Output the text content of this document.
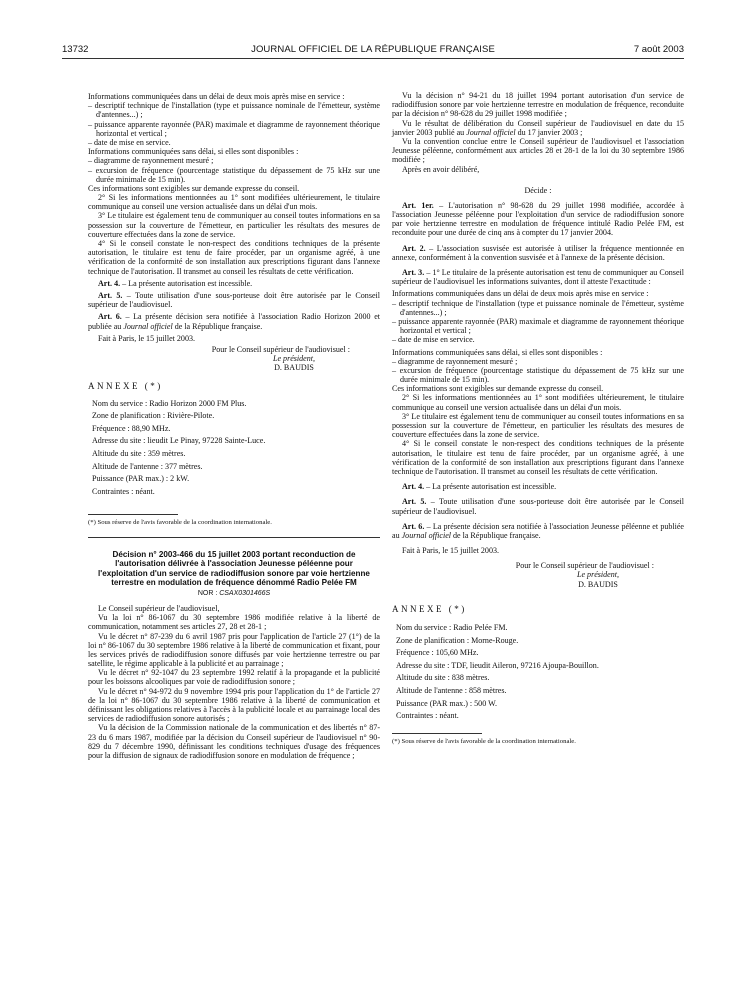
13732	JOURNAL OFFICIEL DE LA RÉPUBLIQUE FRANÇAISE	7 août 2003

Informations communiquées dans un délai de deux mois après mise en service :

– descriptif technique de l'installation (type et puissance nominale de l'émetteur, système d'antennes...) ;

– puissance apparente rayonnée (PAR) maximale et diagramme de rayonnement théorique horizontal et vertical ;

– date de mise en service.

Informations communiquées sans délai, si elles sont disponibles :

– diagramme de rayonnement mesuré ;

– excursion de fréquence (pourcentage statistique du dépassement de 75 kHz sur une durée minimale de 15 min).

Ces informations sont exigibles sur demande expresse du conseil.

2° Si les informations mentionnées au 1° sont modifiées ultérieurement, le titulaire communique au conseil une version actualisée dans un délai d'un mois.

3° Le titulaire est également tenu de communiquer au conseil toutes informations en sa possession sur la couverture de l'émetteur, en particulier les résultats des mesures de couverture effectuées dans la zone de service.

4° Si le conseil constate le non-respect des conditions techniques de la présente autorisation, le titulaire est tenu de faire procéder, par un organisme agréé, à une vérification de la conformité de son installation aux prescriptions figurant dans l'annexe technique de l'autorisation. Il transmet au conseil les résultats de cette vérification.

Art. 4. – La présente autorisation est incessible.

Art. 5. – Toute utilisation d'une sous-porteuse doit être autorisée par le Conseil supérieur de l'audiovisuel.

Art. 6. – La présente décision sera notifiée à l'association Radio Horizon 2000 et publiée au Journal officiel de la République française.

Fait à Paris, le 15 juillet 2003.

Pour le Conseil supérieur de l'audiovisuel :

Le président,

D. BAUDIS

ANNEXE (*)

Nom du service : Radio Horizon 2000 FM Plus.

Zone de planification : Rivière-Pilote.

Fréquence : 88,90 MHz.

Adresse du site : lieudit Le Pinay, 97228 Sainte-Luce.

Altitude du site : 359 mètres.

Altitude de l'antenne : 377 mètres.

Puissance (PAR max.) : 2 kW.

Contraintes : néant.

(*) Sous réserve de l'avis favorable de la coordination internationale.

Décision n° 2003-466 du 15 juillet 2003 portant reconduction de l'autorisation délivrée à l'association Jeunesse péléenne pour l'exploitation d'un service de radiodiffusion sonore par voie hertzienne terrestre en modulation de fréquence dénommé Radio Pelée FM
NOR : CSAX0301466S

Le Conseil supérieur de l'audiovisuel,

Vu la loi n° 86-1067 du 30 septembre 1986 modifiée relative à la liberté de communication, notamment ses articles 27, 28 et 28-1 ;

Vu le décret n° 87-239 du 6 avril 1987 pris pour l'application de l'article 27 (1°) de la loi n° 86-1067 du 30 septembre 1986 relative à la liberté de communication et fixant, pour les services privés de radiodiffusion sonore diffusés par voie hertzienne terrestre ou par satellite, le régime applicable à la publicité et au parrainage ;

Vu le décret n° 92-1047 du 23 septembre 1992 relatif à la propagande et la publicité pour les boissons alcooliques par voie de radiodiffusion sonore ;

Vu le décret n° 94-972 du 9 novembre 1994 pris pour l'application du 1° de l'article 27 de la loi n° 86-1067 du 30 septembre 1986 relative à la liberté de communication et définissant les obligations relatives à l'accès à la publicité locale et au parrainage local des services de radiodiffusion sonore autorisés ;

Vu la décision de la Commission nationale de la communication et des libertés n° 87-23 du 6 mars 1987, modifiée par la décision du Conseil supérieur de l'audiovisuel n° 90-829 du 7 décembre 1990, définissant les conditions techniques d'usage des fréquences pour la diffusion de signaux de radiodiffusion sonore en modulation de fréquence ;

Vu la décision n° 94-21 du 18 juillet 1994 portant autorisation d'un service de radiodiffusion sonore par voie hertzienne terrestre en modulation de fréquence, reconduite par la décision n° 98-628 du 29 juillet 1998 modifiée ;

Vu le résultat de délibération du Conseil supérieur de l'audiovisuel en date du 15 janvier 2003 publié au Journal officiel du 17 janvier 2003 ;

Vu la convention conclue entre le Conseil supérieur de l'audiovisuel et l'association Jeunesse péléenne, conformément aux articles 28 et 28-1 de la loi du 30 septembre 1986 modifiée ;

Après en avoir délibéré,

Décide :

Art. 1er. – L'autorisation n° 98-628 du 29 juillet 1998 modifiée, accordée à l'association Jeunesse péléenne pour l'exploitation d'un service de radiodiffusion sonore par voie hertzienne terrestre en modulation de fréquence intitulé Radio Pelée FM, est reconduite pour une durée de cinq ans à compter du 17 janvier 2004.

Art. 2. – L'association susvisée est autorisée à utiliser la fréquence mentionnée en annexe, conformément à la convention susvisée et à l'annexe de la présente décision.

Art. 3. – 1° Le titulaire de la présente autorisation est tenu de communiquer au Conseil supérieur de l'audiovisuel les informations suivantes, dont il atteste l'exactitude :

Informations communiquées dans un délai de deux mois après mise en service :

– descriptif technique de l'installation (type et puissance nominale de l'émetteur, système d'antennes...) ;

– puissance apparente rayonnée (PAR) maximale et diagramme de rayonnement théorique horizontal et vertical ;

– date de mise en service.

Informations communiquées sans délai, si elles sont disponibles :

– diagramme de rayonnement mesuré ;

– excursion de fréquence (pourcentage statistique du dépassement de 75 kHz sur une durée minimale de 15 min).

Ces informations sont exigibles sur demande expresse du conseil.

2° Si les informations mentionnées au 1° sont modifiées ultérieurement, le titulaire communique au conseil une version actualisée dans un délai d'un mois.

3° Le titulaire est également tenu de communiquer au conseil toutes informations en sa possession sur la couverture de l'émetteur, en particulier les résultats des mesures de couverture effectuées dans la zone de service.

4° Si le conseil constate le non-respect des conditions techniques de la présente autorisation, le titulaire est tenu de faire procéder, par un organisme agréé, à une vérification de la conformité de son installation aux prescriptions figurant dans l'annexe technique de l'autorisation. Il transmet au conseil les résultats de cette vérification.

Art. 4. – La présente autorisation est incessible.

Art. 5. – Toute utilisation d'une sous-porteuse doit être autorisée par le Conseil supérieur de l'audiovisuel.

Art. 6. – La présente décision sera notifiée à l'association Jeunesse péléenne et publiée au Journal officiel de la République française.

Fait à Paris, le 15 juillet 2003.

Pour le Conseil supérieur de l'audiovisuel :

Le président,

D. BAUDIS

ANNEXE (*)

Nom du service : Radio Pelée FM.

Zone de planification : Morne-Rouge.

Fréquence : 105,60 MHz.

Adresse du site : TDF, lieudit Aileron, 97216 Ajoupa-Bouillon.

Altitude du site : 838 mètres.

Altitude de l'antenne : 858 mètres.

Puissance (PAR max.) : 500 W.

Contraintes : néant.

(*) Sous réserve de l'avis favorable de la coordination internationale.
